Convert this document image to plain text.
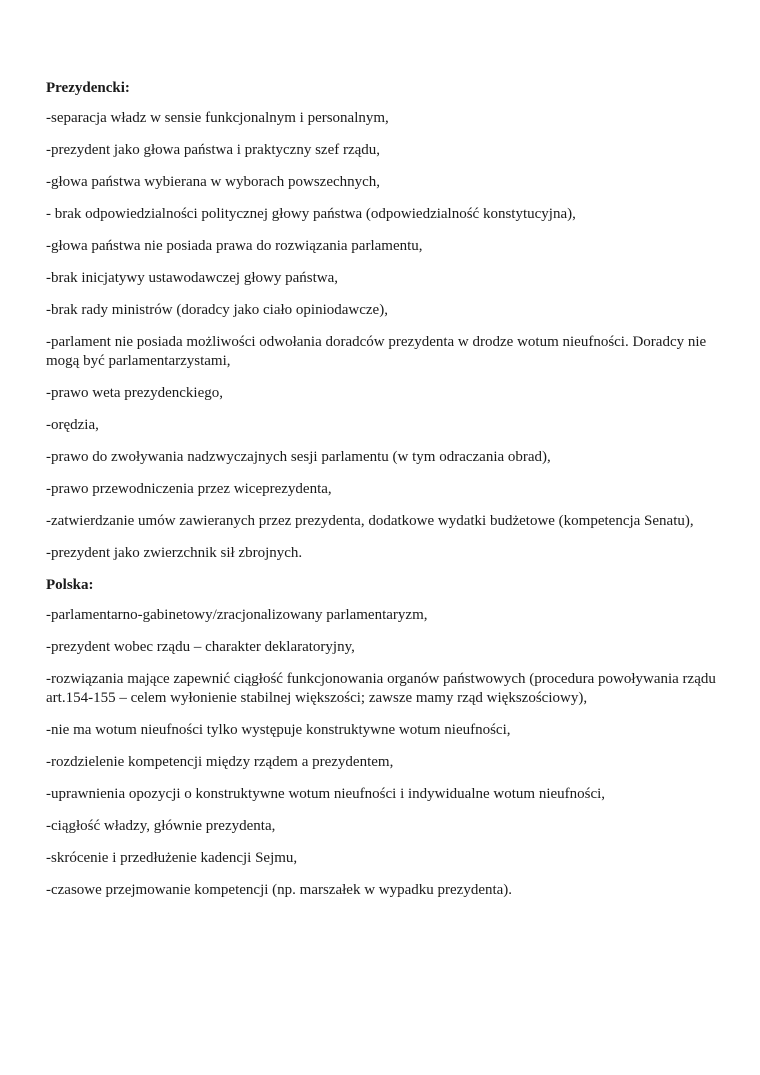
Prezydencki:
-separacja władz w sensie funkcjonalnym i personalnym,
-prezydent jako głowa państwa i praktyczny szef rządu,
-głowa państwa wybierana w wyborach powszechnych,
- brak odpowiedzialności politycznej głowy państwa (odpowiedzialność konstytucyjna),
-głowa państwa nie posiada prawa do rozwiązania parlamentu,
-brak inicjatywy ustawodawczej głowy państwa,
-brak rady ministrów (doradcy jako ciało opiniodawcze),
-parlament nie posiada możliwości odwołania doradców prezydenta w drodze wotum nieufności. Doradcy nie mogą być parlamentarzystami,
-prawo weta prezydenckiego,
-orędzia,
-prawo do zwoływania nadzwyczajnych sesji parlamentu (w tym odraczania obrad),
-prawo przewodniczenia przez wiceprezydenta,
-zatwierdzanie umów zawieranych przez prezydenta, dodatkowe wydatki budżetowe (kompetencja Senatu),
-prezydent jako zwierzchnik sił zbrojnych.
Polska:
-parlamentarno-gabinetowy/zracjonalizowany parlamentaryzm,
-prezydent wobec rządu – charakter deklaratoryjny,
-rozwiązania mające zapewnić ciągłość funkcjonowania organów państwowych (procedura powoływania rządu art.154-155 – celem wyłonienie stabilnej większości; zawsze mamy rząd większościowy),
-nie ma wotum nieufności tylko występuje konstruktywne wotum nieufności,
-rozdzielenie kompetencji między rządem a prezydentem,
-uprawnienia opozycji o konstruktywne wotum nieufności i indywidualne wotum nieufności,
-ciągłość władzy, głównie prezydenta,
-skrócenie i przedłużenie kadencji Sejmu,
-czasowe przejmowanie kompetencji (np. marszałek w wypadku prezydenta).
